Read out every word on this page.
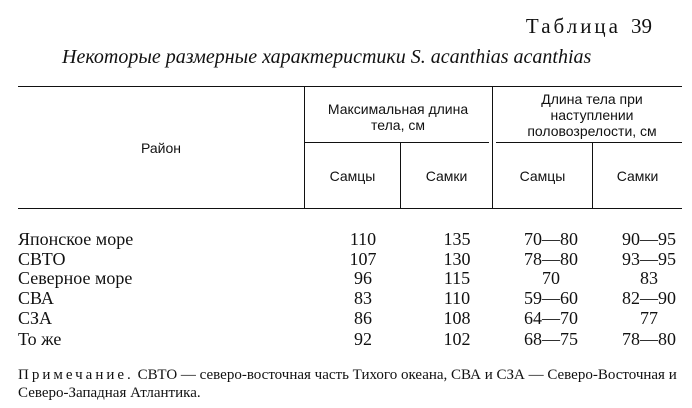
Таблица 39
Некоторые размерные характеристики S. acanthias acanthias
Район
Максимальная длина тела, см
Длина тела при наступлении половозрелости, см
Самцы	Самки	Самцы	Самки
Японское море	110	135	70—80	90—95
СВТО	107	130	78—80	93—95
Северное море	96	115	70	83
СВА	83	110	59—60	82—90
СЗА	86	108	64—70	77
То же	92	102	68—75	78—80
Примечание. СВТО — северо-восточная часть Тихого океана, СВА и СЗА — Северо-Восточная и Северо-Западная Атлантика.
